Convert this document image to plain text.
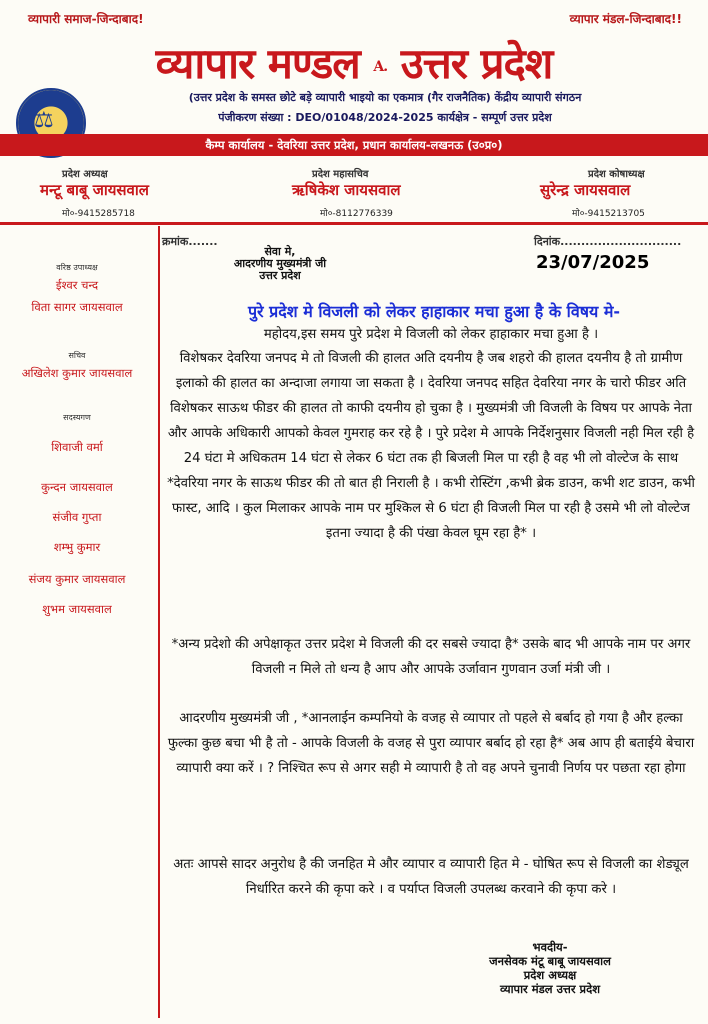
व्यापारी समाज-जिन्दाबाद!	व्यापार मंडल-जिन्दाबाद!!
व्यापार मण्डल A. उत्तर प्रदेश
⚖
(उत्तर प्रदेश के समस्त छोटे बड़े व्यापारी भाइयो का एकमात्र (गैर राजनैतिक) केंद्रीय व्यापारी संगठन
पंजीकरण संख्या : DEO/01048/2024-2025 कार्यक्षेत्र - सम्पूर्ण उत्तर प्रदेश
कैम्प कार्यालय - देवरिया उत्तर प्रदेश, प्रधान कार्यालय-लखनऊ (उ०प्र०)
प्रदेश अध्यक्ष
मन्टू बाबू जायसवाल
मो०-9415285718
प्रदेश महासचिव
ऋषिकेश जायसवाल
मो०-8112776339
प्रदेश कोषाध्यक्ष
सुरेन्द्र जायसवाल
मो०-9415213705
वरिष्ठ उपाध्यक्ष
ईश्वर चन्द
विता सागर जायसवाल
सचिव
अखिलेश कुमार जायसवाल
सदस्यगण
शिवाजी वर्मा
कुन्दन जायसवाल
संजीव गुप्ता
शम्भु कुमार
संजय कुमार जायसवाल
शुभम जायसवाल
क्रमांक.......	दिनांक.............................
23/07/2025
सेवा मे,
आदरणीय मुख्यमंत्री जी
उत्तर प्रदेश
पुरे प्रदेश मे विजली को लेकर हाहाकार मचा हुआ है के विषय मे-
महोदय,इस समय पुरे प्रदेश मे विजली को लेकर हाहाकार मचा हुआ है ।
विशेषकर देवरिया जनपद मे तो विजली की हालत अति दयनीय है जब शहरो की हालत दयनीय है तो ग्रामीण इलाको की हालत का अन्दाजा लगाया जा सकता है । देवरिया जनपद सहित देवरिया नगर के चारो फीडर अति विशेषकर साऊथ फीडर की हालत तो काफी दयनीय हो चुका है । मुख्यमंत्री जी विजली के विषय पर आपके नेता और आपके अधिकारी आपको केवल गुमराह कर रहे है । पुरे प्रदेश मे आपके निर्देशनुसार विजली नही मिल रही है 24 घंटा मे अधिकतम 14 घंटा से लेकर 6 घंटा तक ही बिजली मिल पा रही है वह भी लो वोल्टेज के साथ *देवरिया नगर के साऊथ फीडर की तो बात ही निराली है । कभी रोस्टिंग ,कभी ब्रेक डाउन, कभी शट डाउन, कभी फास्ट, आदि । कुल मिलाकर आपके नाम पर मुश्किल से 6 घंटा ही विजली मिल पा रही है उसमे भी लो वोल्टेज इतना ज्यादा है की पंखा केवल घूम रहा है* ।
*अन्य प्रदेशो की अपेक्षाकृत उत्तर प्रदेश मे विजली की दर सबसे ज्यादा है* उसके बाद भी आपके नाम पर अगर विजली न मिले तो धन्य है आप और आपके उर्जावान गुणवान उर्जा मंत्री जी ।
आदरणीय मुख्यमंत्री जी , *आनलाईन कम्पनियो के वजह से व्यापार तो पहले से बर्बाद हो गया है और हल्का फुल्का कुछ बचा भी है तो - आपके विजली के वजह से पुरा व्यापार बर्बाद हो रहा है* अब आप ही बताईये बेचारा व्यापारी क्या करें । ? निश्चित रूप से अगर सही मे व्यापारी है तो वह अपने चुनावी निर्णय पर पछता रहा होगा
अतः आपसे सादर अनुरोध है की जनहित मे और व्यापार व व्यापारी हित मे - घोषित रूप से विजली का शेड्यूल निर्धारित करने की कृपा करे । व पर्याप्त विजली उपलब्ध करवाने की कृपा करे ।
भवदीय-
जनसेवक मंटू बाबू जायसवाल
प्रदेश अध्यक्ष
व्यापार मंडल उत्तर प्रदेश
